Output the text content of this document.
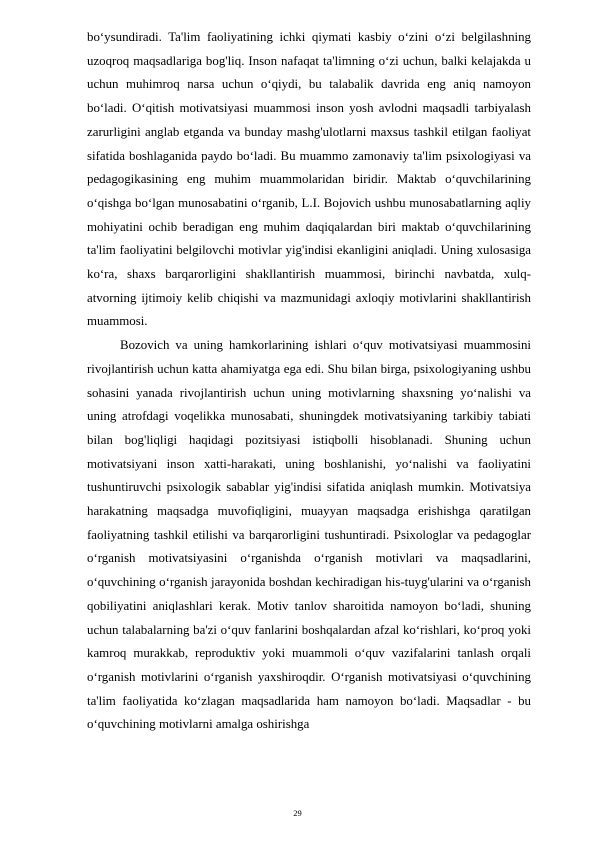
bo‘ysundiradi. Ta'lim faoliyatining ichki qiymati kasbiy o‘zini o‘zi belgilashning uzoqroq maqsadlariga bog'liq. Inson nafaqat ta'limning o‘zi uchun, balki kelajakda u uchun muhimroq narsa uchun o‘qiydi, bu talabalik davrida eng aniq namoyon bo‘ladi. O‘qitish motivatsiyasi muammosi inson yosh avlodni maqsadli tarbiyalash zarurligini anglab etganda va bunday mashg'ulotlarni maxsus tashkil etilgan faoliyat sifatida boshlaganida paydo bo‘ladi. Bu muammo zamonaviy ta'lim psixologiyasi va pedagogikasining eng muhim muammolaridan biridir. Maktab o‘quvchilarining o‘qishga bo‘lgan munosabatini o‘rganib, L.I. Bojovich ushbu munosabatlarning aqliy mohiyatini ochib beradigan eng muhim daqiqalardan biri maktab o‘quvchilarining ta'lim faoliyatini belgilovchi motivlar yig'indisi ekanligini aniqladi. Uning xulosasiga ko‘ra, shaxs barqarorligini shakllantirish muammosi, birinchi navbatda, xulq-atvorning ijtimoiy kelib chiqishi va mazmunidagi axloqiy motivlarini shakllantirish muammosi.

Bozovich va uning hamkorlarining ishlari o‘quv motivatsiyasi muammosini rivojlantirish uchun katta ahamiyatga ega edi. Shu bilan birga, psixologiyaning ushbu sohasini yanada rivojlantirish uchun uning motivlarning shaxsning yo‘nalishi va uning atrofdagi voqelikka munosabati, shuningdek motivatsiyaning tarkibiy tabiati bilan bog'liqligi haqidagi pozitsiyasi istiqbolli hisoblanadi. Shuning uchun motivatsiyani inson xatti-harakati, uning boshlanishi, yo‘nalishi va faoliyatini tushuntiruvchi psixologik sabablar yig'indisi sifatida aniqlash mumkin. Motivatsiya harakatning maqsadga muvofiqligini, muayyan maqsadga erishishga qaratilgan faoliyatning tashkil etilishi va barqarorligini tushuntiradi. Psixologlar va pedagoglar o‘rganish motivatsiyasini o‘rganishda o‘rganish motivlari va maqsadlarini, o‘quvchining o‘rganish jarayonida boshdan kechiradigan his-tuyg'ularini va o‘rganish qobiliyatini aniqlashlari kerak. Motiv tanlov sharoitida namoyon bo‘ladi, shuning uchun talabalarning ba'zi o‘quv fanlarini boshqalardan afzal ko‘rishlari, ko‘proq yoki kamroq murakkab, reproduktiv yoki muammoli o‘quv vazifalarini tanlash orqali o‘rganish motivlarini o‘rganish yaxshiroqdir. O‘rganish motivatsiyasi o‘quvchining ta'lim faoliyatida ko‘zlagan maqsadlarida ham namoyon bo‘ladi. Maqsadlar - bu o‘quvchining motivlarni amalga oshirishga

29
